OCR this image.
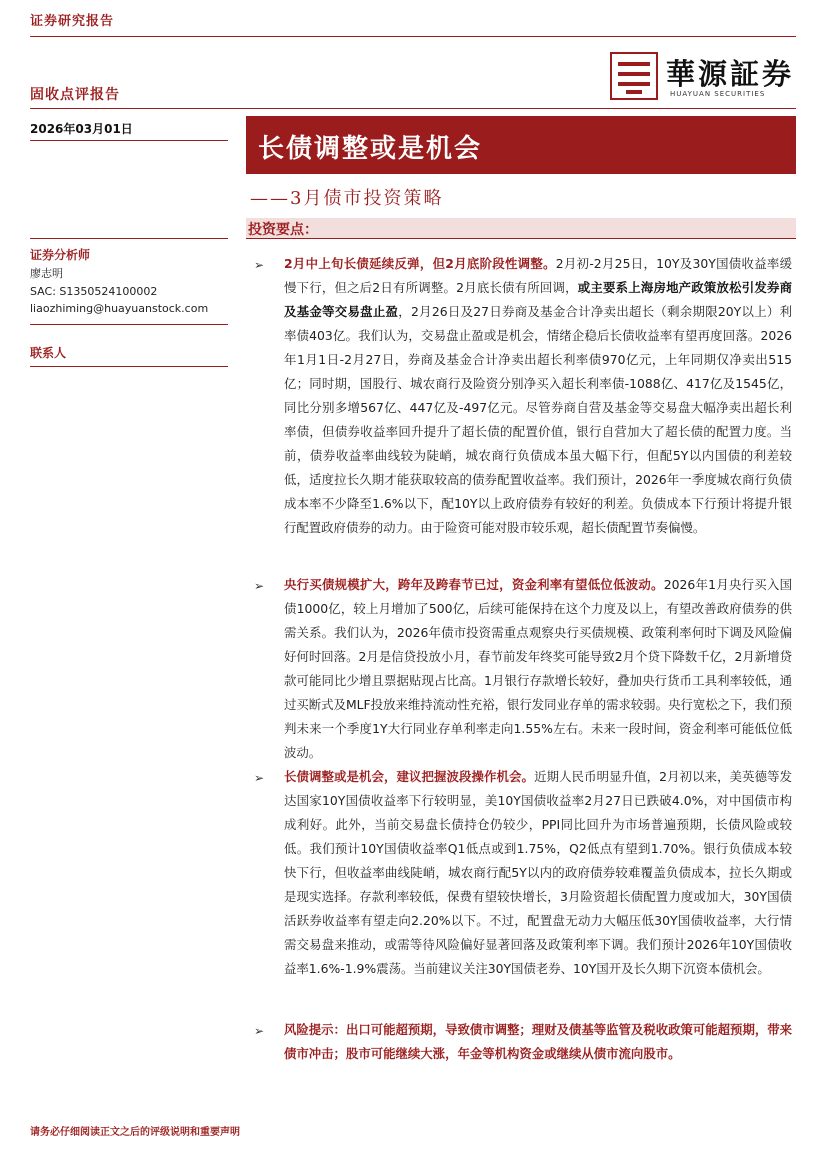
证券研究报告
華源証券
HUAYUAN SECURITIES
固收点评报告
2026年03月01日
长债调整或是机会
——3月债市投资策略
投资要点：
证券分析师
廖志明
SAC: S1350524100002
liaozhiming@huayuanstock.com
联系人
➢ 2月中上旬长债延续反弹，但2月底阶段性调整。2月初-2月25日，10Y及30Y国债收益率缓慢下行，但之后2日有所调整。2月底长债有所回调，或主要系上海房地产政策放松引发券商及基金等交易盘止盈，2月26日及27日券商及基金合计净卖出超长（剩余期限20Y以上）利率债403亿。我们认为，交易盘止盈或是机会，情绪企稳后长债收益率有望再度回落。2026年1月1日-2月27日，券商及基金合计净卖出超长利率债970亿元，上年同期仅净卖出515亿；同时期，国股行、城农商行及险资分别净买入超长利率债-1088亿、417亿及1545亿，同比分别多增567亿、447亿及-497亿元。尽管券商自营及基金等交易盘大幅净卖出超长利率债，但债券收益率回升提升了超长债的配置价值，银行自营加大了超长债的配置力度。当前，债券收益率曲线较为陡峭，城农商行负债成本虽大幅下行，但配5Y以内国债的利差较低，适度拉长久期才能获取较高的债券配置收益率。我们预计，2026年一季度城农商行负债成本率不少降至1.6%以下，配10Y以上政府债券有较好的利差。负债成本下行预计将提升银行配置政府债券的动力。由于险资可能对股市较乐观，超长债配置节奏偏慢。
➢ 央行买债规模扩大，跨年及跨春节已过，资金利率有望低位低波动。2026年1月央行买入国债1000亿，较上月增加了500亿，后续可能保持在这个力度及以上，有望改善政府债券的供需关系。我们认为，2026年债市投资需重点观察央行买债规模、政策利率何时下调及风险偏好何时回落。2月是信贷投放小月，春节前发年终奖可能导致2月个贷下降数千亿，2月新增贷款可能同比少增且票据贴现占比高。1月银行存款增长较好，叠加央行货币工具利率较低，通过买断式及MLF投放来维持流动性充裕，银行发同业存单的需求较弱。央行宽松之下，我们预判未来一个季度1Y大行同业存单利率走向1.55%左右。未来一段时间，资金利率可能低位低波动。
➢ 长债调整或是机会，建议把握波段操作机会。近期人民币明显升值，2月初以来，美英德等发达国家10Y国债收益率下行较明显，美10Y国债收益率2月27日已跌破4.0%，对中国债市构成利好。此外，当前交易盘长债持仓仍较少，PPI同比回升为市场普遍预期，长债风险或较低。我们预计10Y国债收益率Q1低点或到1.75%，Q2低点有望到1.70%。银行负债成本较快下行，但收益率曲线陡峭，城农商行配5Y以内的政府债券较难覆盖负债成本，拉长久期或是现实选择。存款利率较低，保费有望较快增长，3月险资超长债配置力度或加大，30Y国债活跃券收益率有望走向2.20%以下。不过，配置盘无动力大幅压低30Y国债收益率，大行情需交易盘来推动，或需等待风险偏好显著回落及政策利率下调。我们预计2026年10Y国债收益率1.6%-1.9%震荡。当前建议关注30Y国债老券、10Y国开及长久期下沉资本债机会。
➢ 风险提示：出口可能超预期，导致债市调整；理财及债基等监管及税收政策可能超预期，带来债市冲击；股市可能继续大涨，年金等机构资金或继续从债市流向股市。
请务必仔细阅读正文之后的评级说明和重要声明
